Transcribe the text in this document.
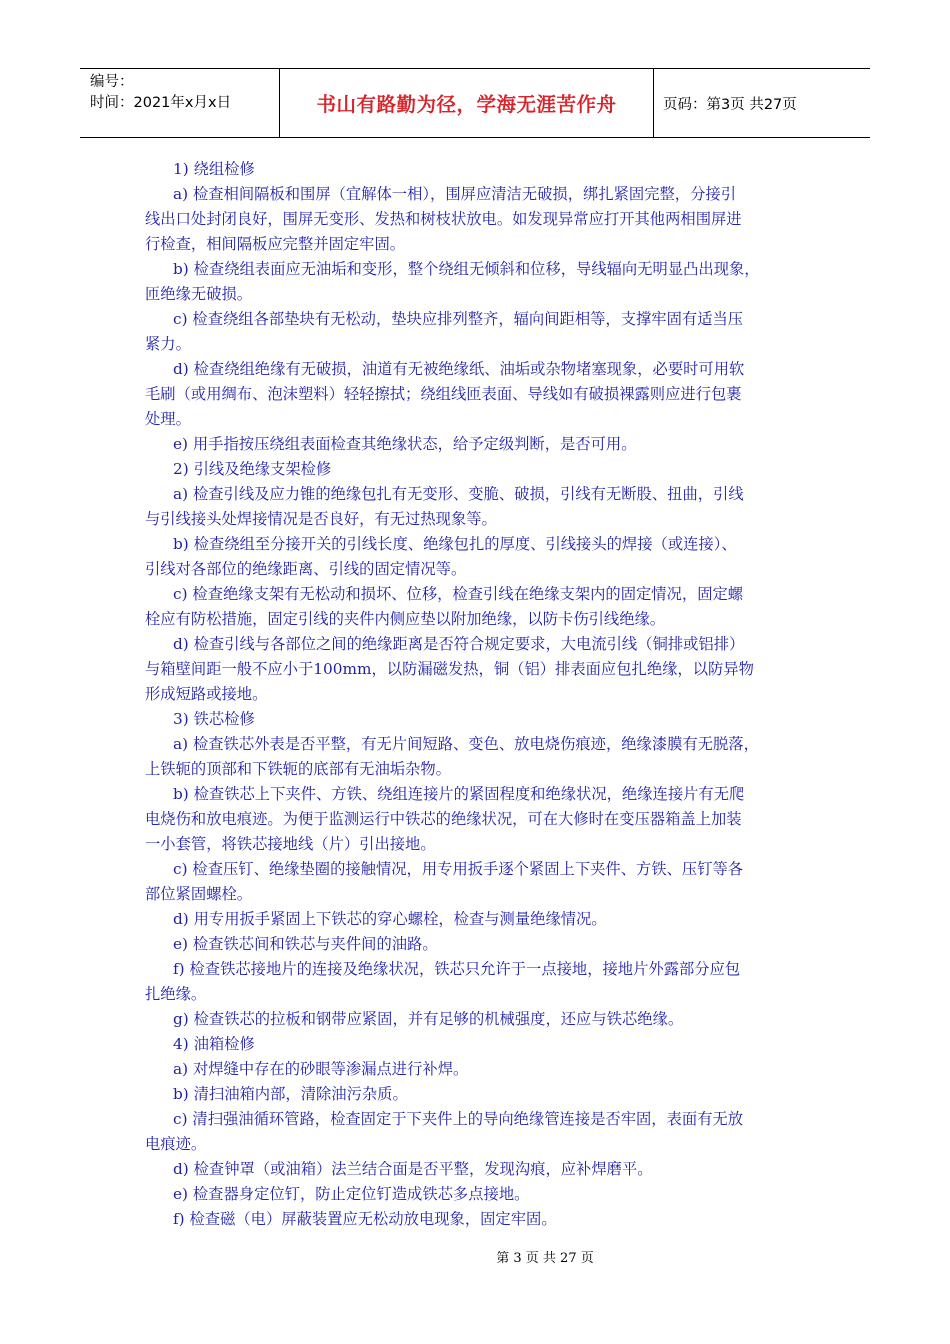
编号：
时间：2021年x月x日	书山有路勤为径，学海无涯苦作舟	页码：第3页 共27页

1) 绕组检修

a) 检查相间隔板和围屏（宜解体一相），围屏应清洁无破损，绑扎紧固完整，分接引

线出口处封闭良好，围屏无变形、发热和树枝状放电。如发现异常应打开其他两相围屏进

行检查，相间隔板应完整并固定牢固。

b) 检查绕组表面应无油垢和变形，整个绕组无倾斜和位移，导线辐向无明显凸出现象，

匝绝缘无破损。

c) 检查绕组各部垫块有无松动，垫块应排列整齐，辐向间距相等，支撑牢固有适当压

紧力。

d) 检查绕组绝缘有无破损，油道有无被绝缘纸、油垢或杂物堵塞现象，必要时可用软

毛刷（或用绸布、泡沫塑料）轻轻擦拭；绕组线匝表面、导线如有破损裸露则应进行包裹

处理。

e) 用手指按压绕组表面检查其绝缘状态，给予定级判断，是否可用。

2) 引线及绝缘支架检修

a) 检查引线及应力锥的绝缘包扎有无变形、变脆、破损，引线有无断股、扭曲，引线

与引线接头处焊接情况是否良好，有无过热现象等。

b) 检查绕组至分接开关的引线长度、绝缘包扎的厚度、引线接头的焊接（或连接）、

引线对各部位的绝缘距离、引线的固定情况等。

c) 检查绝缘支架有无松动和损坏、位移，检查引线在绝缘支架内的固定情况，固定螺

栓应有防松措施，固定引线的夹件内侧应垫以附加绝缘，以防卡伤引线绝缘。

d) 检查引线与各部位之间的绝缘距离是否符合规定要求，大电流引线（铜排或铝排）

与箱壁间距一般不应小于100mm，以防漏磁发热，铜（铝）排表面应包扎绝缘，以防异物

形成短路或接地。

3) 铁芯检修

a) 检查铁芯外表是否平整，有无片间短路、变色、放电烧伤痕迹，绝缘漆膜有无脱落，

上铁轭的顶部和下铁轭的底部有无油垢杂物。

b) 检查铁芯上下夹件、方铁、绕组连接片的紧固程度和绝缘状况，绝缘连接片有无爬

电烧伤和放电痕迹。为便于监测运行中铁芯的绝缘状况，可在大修时在变压器箱盖上加装

一小套管，将铁芯接地线（片）引出接地。

c) 检查压钉、绝缘垫圈的接触情况，用专用扳手逐个紧固上下夹件、方铁、压钉等各

部位紧固螺栓。

d) 用专用扳手紧固上下铁芯的穿心螺栓，检查与测量绝缘情况。

e) 检查铁芯间和铁芯与夹件间的油路。

f) 检查铁芯接地片的连接及绝缘状况，铁芯只允许于一点接地，接地片外露部分应包

扎绝缘。

g) 检查铁芯的拉板和钢带应紧固，并有足够的机械强度，还应与铁芯绝缘。

4) 油箱检修

a) 对焊缝中存在的砂眼等渗漏点进行补焊。

b) 清扫油箱内部，清除油污杂质。

c) 清扫强油循环管路，检查固定于下夹件上的导向绝缘管连接是否牢固，表面有无放

电痕迹。

d) 检查钟罩（或油箱）法兰结合面是否平整，发现沟痕，应补焊磨平。

e) 检查器身定位钉，防止定位钉造成铁芯多点接地。

f) 检查磁（电）屏蔽装置应无松动放电现象，固定牢固。

第 3 页 共 27 页
